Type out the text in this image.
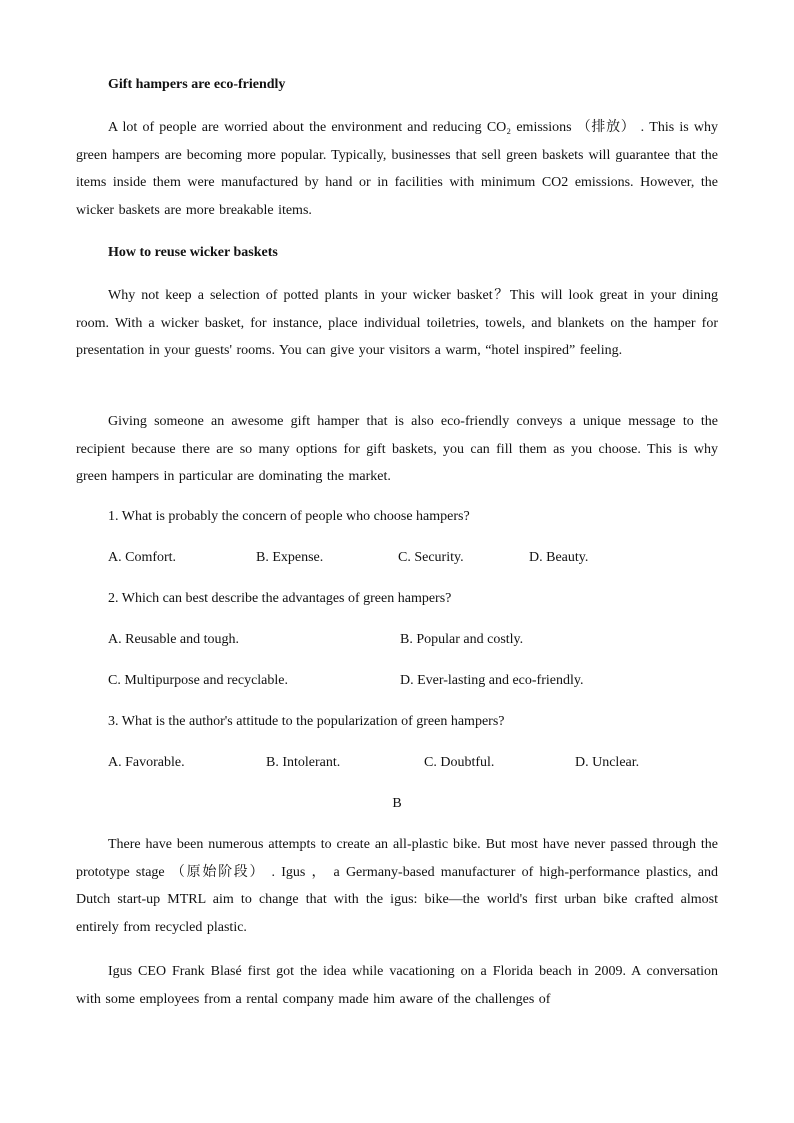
Gift hampers are eco-friendly

A lot of people are worried about the environment and reducing CO₂ emissions （排放） . This is why green hampers are becoming more popular. Typically, businesses that sell green baskets will guarantee that the items inside them were manufactured by hand or in facilities with minimum CO2 emissions. However, the wicker baskets are more breakable items.

How to reuse wicker baskets

Why not keep a selection of potted plants in your wicker basket？This will look great in your dining room. With a wicker basket, for instance, place individual toiletries, towels, and blankets on the hamper for presentation in your guests' rooms. You can give your visitors a warm, “hotel inspired” feeling.

Giving someone an awesome gift hamper that is also eco-friendly conveys a unique message to the recipient because there are so many options for gift baskets, you can fill them as you choose. This is why green hampers in particular are dominating the market.

1. What is probably the concern of people who choose hampers?

A. Comfort.	B. Expense.	C. Security.	D. Beauty.

2. Which can best describe the advantages of green hampers?

A. Reusable and tough.	B. Popular and costly.
C. Multipurpose and recyclable.	D. Ever-lasting and eco-friendly.

3. What is the author's attitude to the popularization of green hampers?

A. Favorable.	B. Intolerant.	C. Doubtful.	D. Unclear.

B

There have been numerous attempts to create an all-plastic bike. But most have never passed through the prototype stage （原始阶段） . Igus ， a Germany-based manufacturer of high-performance plastics, and Dutch start-up MTRL aim to change that with the igus: bike—the world's first urban bike crafted almost entirely from recycled plastic.

Igus CEO Frank Blasé first got the idea while vacationing on a Florida beach in 2009. A conversation with some employees from a rental company made him aware of the challenges of
